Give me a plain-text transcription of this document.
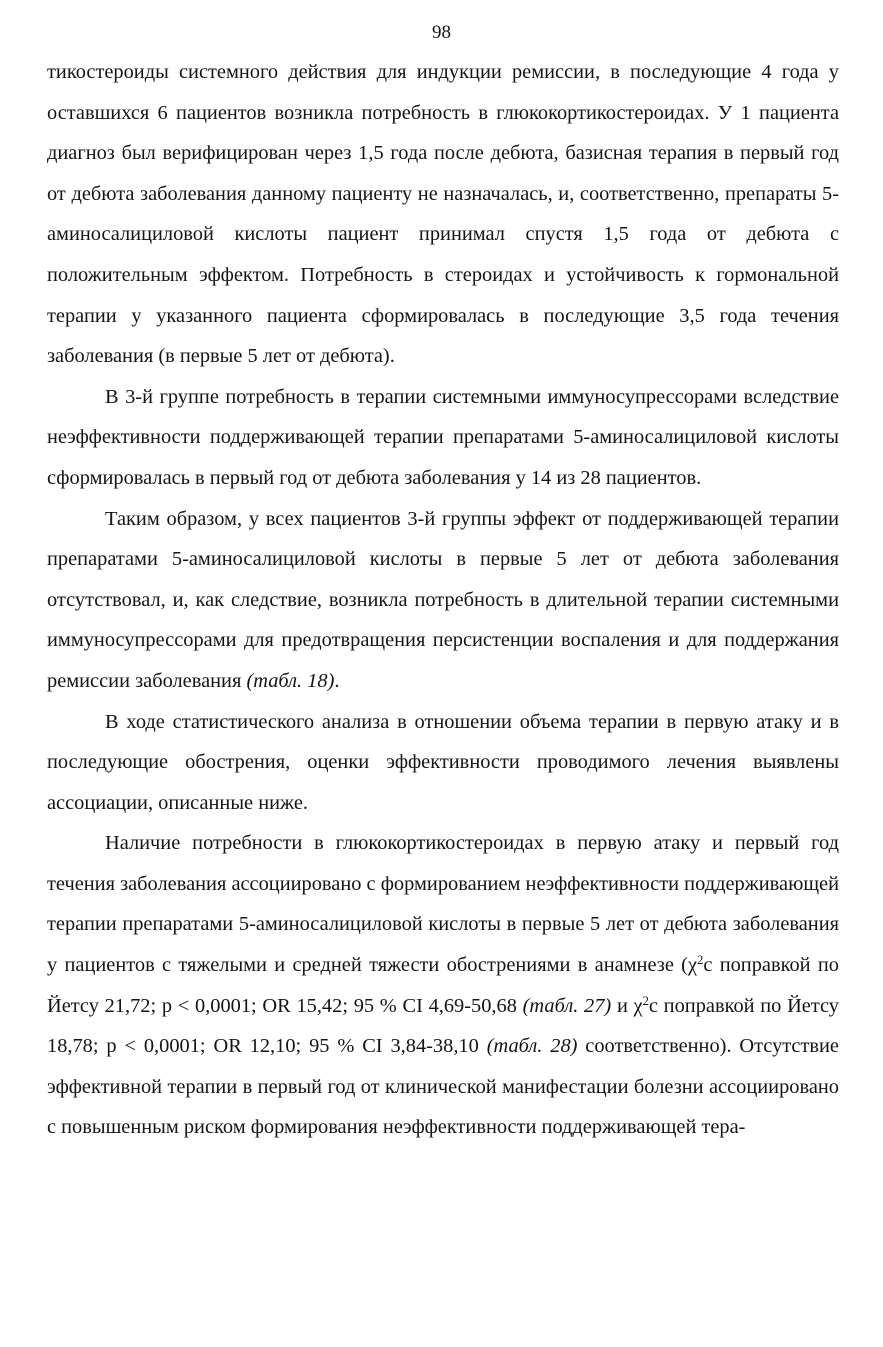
98

тикостероиды системного действия для индукции ремиссии, в последующие 4 года у оставшихся 6 пациентов возникла потребность в глюкокортикостероидах. У 1 пациента диагноз был верифицирован через 1,5 года после дебюта, базисная терапия в первый год от дебюта заболевания данному пациенту не назначалась, и, соответственно, препараты 5-аминосалициловой кислоты пациент принимал спустя 1,5 года от дебюта с положительным эффектом. Потребность в стероидах и устойчивость к гормональной терапии у указанного пациента сформировалась в последующие 3,5 года течения заболевания (в первые 5 лет от дебюта).

В 3-й группе потребность в терапии системными иммуносупрессорами вследствие неэффективности поддерживающей терапии препаратами 5-аминосалициловой кислоты сформировалась в первый год от дебюта заболевания у 14 из 28 пациентов.

Таким образом, у всех пациентов 3-й группы эффект от поддерживающей терапии препаратами 5-аминосалициловой кислоты в первые 5 лет от дебюта заболевания отсутствовал, и, как следствие, возникла потребность в длительной терапии системными иммуносупрессорами для предотвращения персистенции воспаления и для поддержания ремиссии заболевания (табл. 18).

В ходе статистического анализа в отношении объема терапии в первую атаку и в последующие обострения, оценки эффективности проводимого лечения выявлены ассоциации, описанные ниже.

Наличие потребности в глюкокортикостероидах в первую атаку и первый год течения заболевания ассоциировано с формированием неэффективности поддерживающей терапии препаратами 5-аминосалициловой кислоты в первые 5 лет от дебюта заболевания у пациентов с тяжелыми и средней тяжести обострениями в анамнезе ($\chi^2с$ поправкой по Йетсу 21,72; p < 0,0001; OR 15,42; 95 % CI 4,69-50,68 (табл. 27) и $\chi^2с$ поправкой по Йетсу 18,78; p < 0,0001; OR 12,10; 95 % CI 3,84-38,10 (табл. 28) соответственно). Отсутствие эффективной терапии в первый год от клинической манифестации болезни ассоциировано с повышенным риском формирования неэффективности поддерживающей тера-
